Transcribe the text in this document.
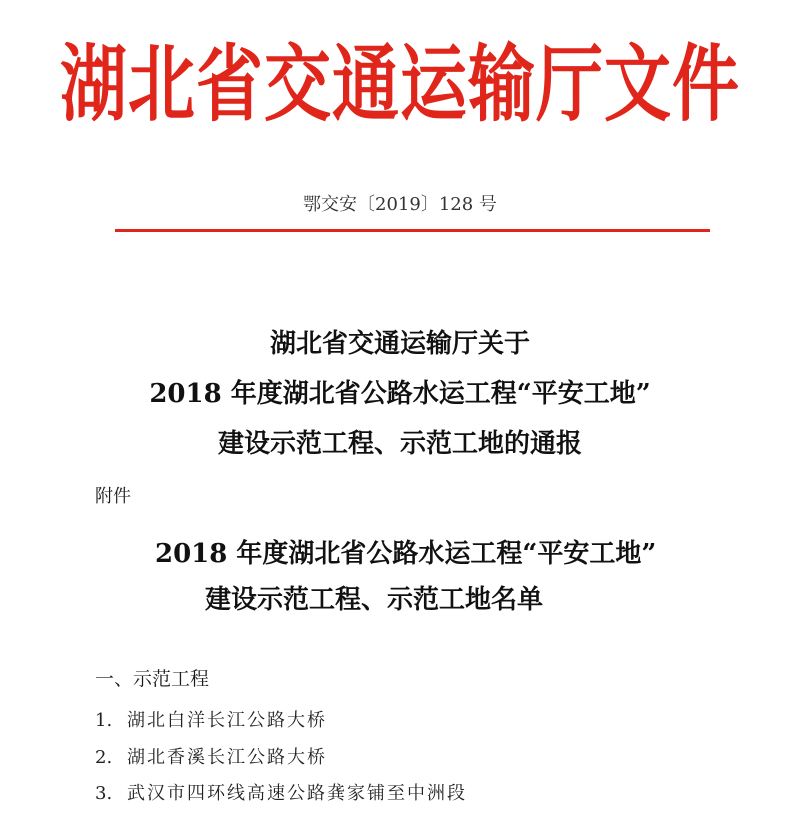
湖北省交通运输厅文件
鄂交安〔2019〕128 号
湖北省交通运输厅关于
2018 年度湖北省公路水运工程“平安工地”
建设示范工程、示范工地的通报
附件
2018 年度湖北省公路水运工程“平安工地”
建设示范工程、示范工地名单
一、示范工程
1. 湖北白洋长江公路大桥
2. 湖北香溪长江公路大桥
3. 武汉市四环线高速公路龚家铺至中洲段
